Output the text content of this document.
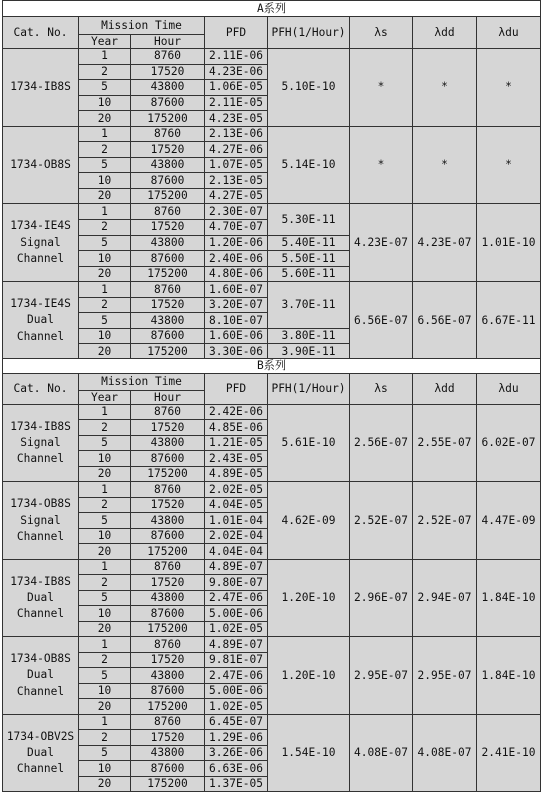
A系列							
Cat. No.	Mission Time		PFD	PFH(1/Hour)	λs	λdd	λdu
	Year	Hour					
1734-IB8S	1	8760	2.11E-06	5.10E-10	*	*	*
	2	17520	4.23E-06				
	5	43800	1.06E-05				
	10	87600	2.11E-05				
	20	175200	4.23E-05				
1734-OB8S	1	8760	2.13E-06	5.14E-10	*	*	*
	2	17520	4.27E-06				
	5	43800	1.07E-05				
	10	87600	2.13E-05				
	20	175200	4.27E-05				
1734-IE4S
Signal
Channel	1	8760	2.30E-07	5.30E-11	4.23E-07	4.23E-07	1.01E-10
	2	17520	4.70E-07				
	5	43800	1.20E-06	5.40E-11			
	10	87600	2.40E-06	5.50E-11			
	20	175200	4.80E-06	5.60E-11			
1734-IE4S
Dual
Channel	1	8760	1.60E-07	3.70E-11	6.56E-07	6.56E-07	6.67E-11
	2	17520	3.20E-07				
	5	43800	8.10E-07				
	10	87600	1.60E-06	3.80E-11			
	20	175200	3.30E-06	3.90E-11			
B系列							
Cat. No.	Mission Time		PFD	PFH(1/Hour)	λs	λdd	λdu
	Year	Hour					
1734-IB8S
Signal
Channel	1	8760	2.42E-06	5.61E-10	2.56E-07	2.55E-07	6.02E-07
	2	17520	4.85E-06				
	5	43800	1.21E-05				
	10	87600	2.43E-05				
	20	175200	4.89E-05				
1734-OB8S
Signal
Channel	1	8760	2.02E-05	4.62E-09	2.52E-07	2.52E-07	4.47E-09
	2	17520	4.04E-05				
	5	43800	1.01E-04				
	10	87600	2.02E-04				
	20	175200	4.04E-04				
1734-IB8S
Dual
Channel	1	8760	4.89E-07	1.20E-10	2.96E-07	2.94E-07	1.84E-10
	2	17520	9.80E-07				
	5	43800	2.47E-06				
	10	87600	5.00E-06				
	20	175200	1.02E-05				
1734-OB8S
Dual
Channel	1	8760	4.89E-07	1.20E-10	2.95E-07	2.95E-07	1.84E-10
	2	17520	9.81E-07				
	5	43800	2.47E-06				
	10	87600	5.00E-06				
	20	175200	1.02E-05				
1734-OBV2S
Dual
Channel	1	8760	6.45E-07	1.54E-10	4.08E-07	4.08E-07	2.41E-10
	2	17520	1.29E-06				
	5	43800	3.26E-06				
	10	87600	6.63E-06				
	20	175200	1.37E-05				
